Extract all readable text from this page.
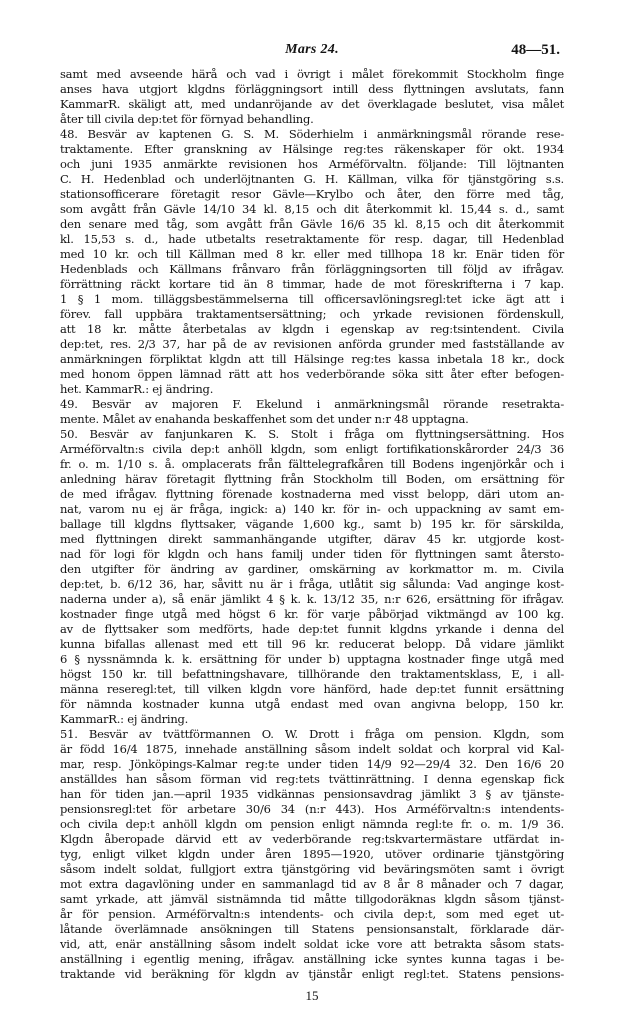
Mars 24.	48—51.
samt med avseende härå och vad i övrigt i målet förekommit Stockholm finge
anses hava utgjort klgdns förläggningsort intill dess flyttningen avslutats, fann
KammarR. skäligt att, med undanröjande av det överklagade beslutet, visa målet
åter till civila dep:tet för förnyad behandling.
48. Besvär av kaptenen G. S. M. Söderhielm i anmärkningsmål rörande rese-
traktamente. Efter granskning av Hälsinge reg:tes räkenskaper för okt. 1934
och juni 1935 anmärkte revisionen hos Arméförvaltn. följande: Till löjtnanten
C. H. Hedenblad och underlöjtnanten G. H. Källman, vilka för tjänstgöring s.s.
stationsofficerare företagit resor Gävle—Krylbo och åter, den förre med tåg,
som avgått från Gävle 14/10 34 kl. 8,15 och dit återkommit kl. 15,44 s. d., samt
den senare med tåg, som avgått från Gävle 16/6 35 kl. 8,15 och dit återkommit
kl. 15,53 s. d., hade utbetalts resetraktamente för resp. dagar, till Hedenblad
med 10 kr. och till Källman med 8 kr. eller med tillhopa 18 kr. Enär tiden för
Hedenblads och Källmans frånvaro från förläggningsorten till följd av ifrågav.
förrättning räckt kortare tid än 8 timmar, hade de mot föreskrifterna i 7 kap.
1 § 1 mom. tilläggsbestämmelserna till officersavlöningsregl:tet icke ägt att i
förev. fall uppbära traktamentsersättning; och yrkade revisionen fördenskull,
att 18 kr. måtte återbetalas av klgdn i egenskap av reg:tsintendent. Civila
dep:tet, res. 2/3 37, har på de av revisionen anförda grunder med fastställande av
anmärkningen förpliktat klgdn att till Hälsinge reg:tes kassa inbetala 18 kr., dock
med honom öppen lämnad rätt att hos vederbörande söka sitt åter efter befogen-
het. KammarR.: ej ändring.
49. Besvär av majoren F. Ekelund i anmärkningsmål rörande resetrakta-
mente. Målet av enahanda beskaffenhet som det under n:r 48 upptagna.
50. Besvär av fanjunkaren K. S. Stolt i fråga om flyttningsersättning. Hos
Arméförvaltn:s civila dep:t anhöll klgdn, som enligt fortifikationskårorder 24/3 36
fr. o. m. 1/10 s. å. omplacerats från fälttelegrafkåren till Bodens ingenjörkår och i
anledning härav företagit flyttning från Stockholm till Boden, om ersättning för
de med ifrågav. flyttning förenade kostnaderna med visst belopp, däri utom an-
nat, varom nu ej är fråga, ingick: a) 140 kr. för in- och uppackning av samt em-
ballage till klgdns flyttsaker, vägande 1,600 kg., samt b) 195 kr. för särskilda,
med flyttningen direkt sammanhängande utgifter, därav 45 kr. utgjorde kost-
nad för logi för klgdn och hans familj under tiden för flyttningen samt återsto-
den utgifter för ändring av gardiner, omskärning av korkmattor m. m. Civila
dep:tet, b. 6/12 36, har, såvitt nu är i fråga, utlåtit sig sålunda: Vad anginge kost-
naderna under a), så enär jämlikt 4 § k. k. 13/12 35, n:r 626, ersättning för ifrågav.
kostnader finge utgå med högst 6 kr. för varje påbörjad viktmängd av 100 kg.
av de flyttsaker som medförts, hade dep:tet funnit klgdns yrkande i denna del
kunna bifallas allenast med ett till 96 kr. reducerat belopp. Då vidare jämlikt
6 § nyssnämnda k. k. ersättning för under b) upptagna kostnader finge utgå med
högst 150 kr. till befattningshavare, tillhörande den traktamentsklass, E, i all-
männa reseregl:tet, till vilken klgdn vore hänförd, hade dep:tet funnit ersättning
för nämnda kostnader kunna utgå endast med ovan angivna belopp, 150 kr.
KammarR.: ej ändring.
51. Besvär av tvättförmannen O. W. Drott i fråga om pension. Klgdn, som
är född 16/4 1875, innehade anställning såsom indelt soldat och korpral vid Kal-
mar, resp. Jönköpings-Kalmar reg:te under tiden 14/9 92—29/4 32. Den 16/6 20
anställdes han såsom förman vid reg:tets tvättinrättning. I denna egenskap fick
han för tiden jan.—april 1935 vidkännas pensionsavdrag jämlikt 3 § av tjänste-
pensionsregl:tet för arbetare 30/6 34 (n:r 443). Hos Arméförvaltn:s intendents-
och civila dep:t anhöll klgdn om pension enligt nämnda regl:te fr. o. m. 1/9 36.
Klgdn åberopade därvid ett av vederbörande reg:tskvartermästare utfärdat in-
tyg, enligt vilket klgdn under åren 1895—1920, utöver ordinarie tjänstgöring
såsom indelt soldat, fullgjort extra tjänstgöring vid beväringsmöten samt i övrigt
mot extra dagavlöning under en sammanlagd tid av 8 år 8 månader och 7 dagar,
samt yrkade, att jämväl sistnämnda tid måtte tillgodoräknas klgdn såsom tjänst-
år för pension. Arméförvaltn:s intendents- och civila dep:t, som med eget ut-
låtande överlämnade ansökningen till Statens pensionsanstalt, förklarade där-
vid, att, enär anställning såsom indelt soldat icke vore att betrakta såsom stats-
anställning i egentlig mening, ifrågav. anställning icke syntes kunna tagas i be-
traktande vid beräkning för klgdn av tjänstår enligt regl:tet. Statens pensions-
15
